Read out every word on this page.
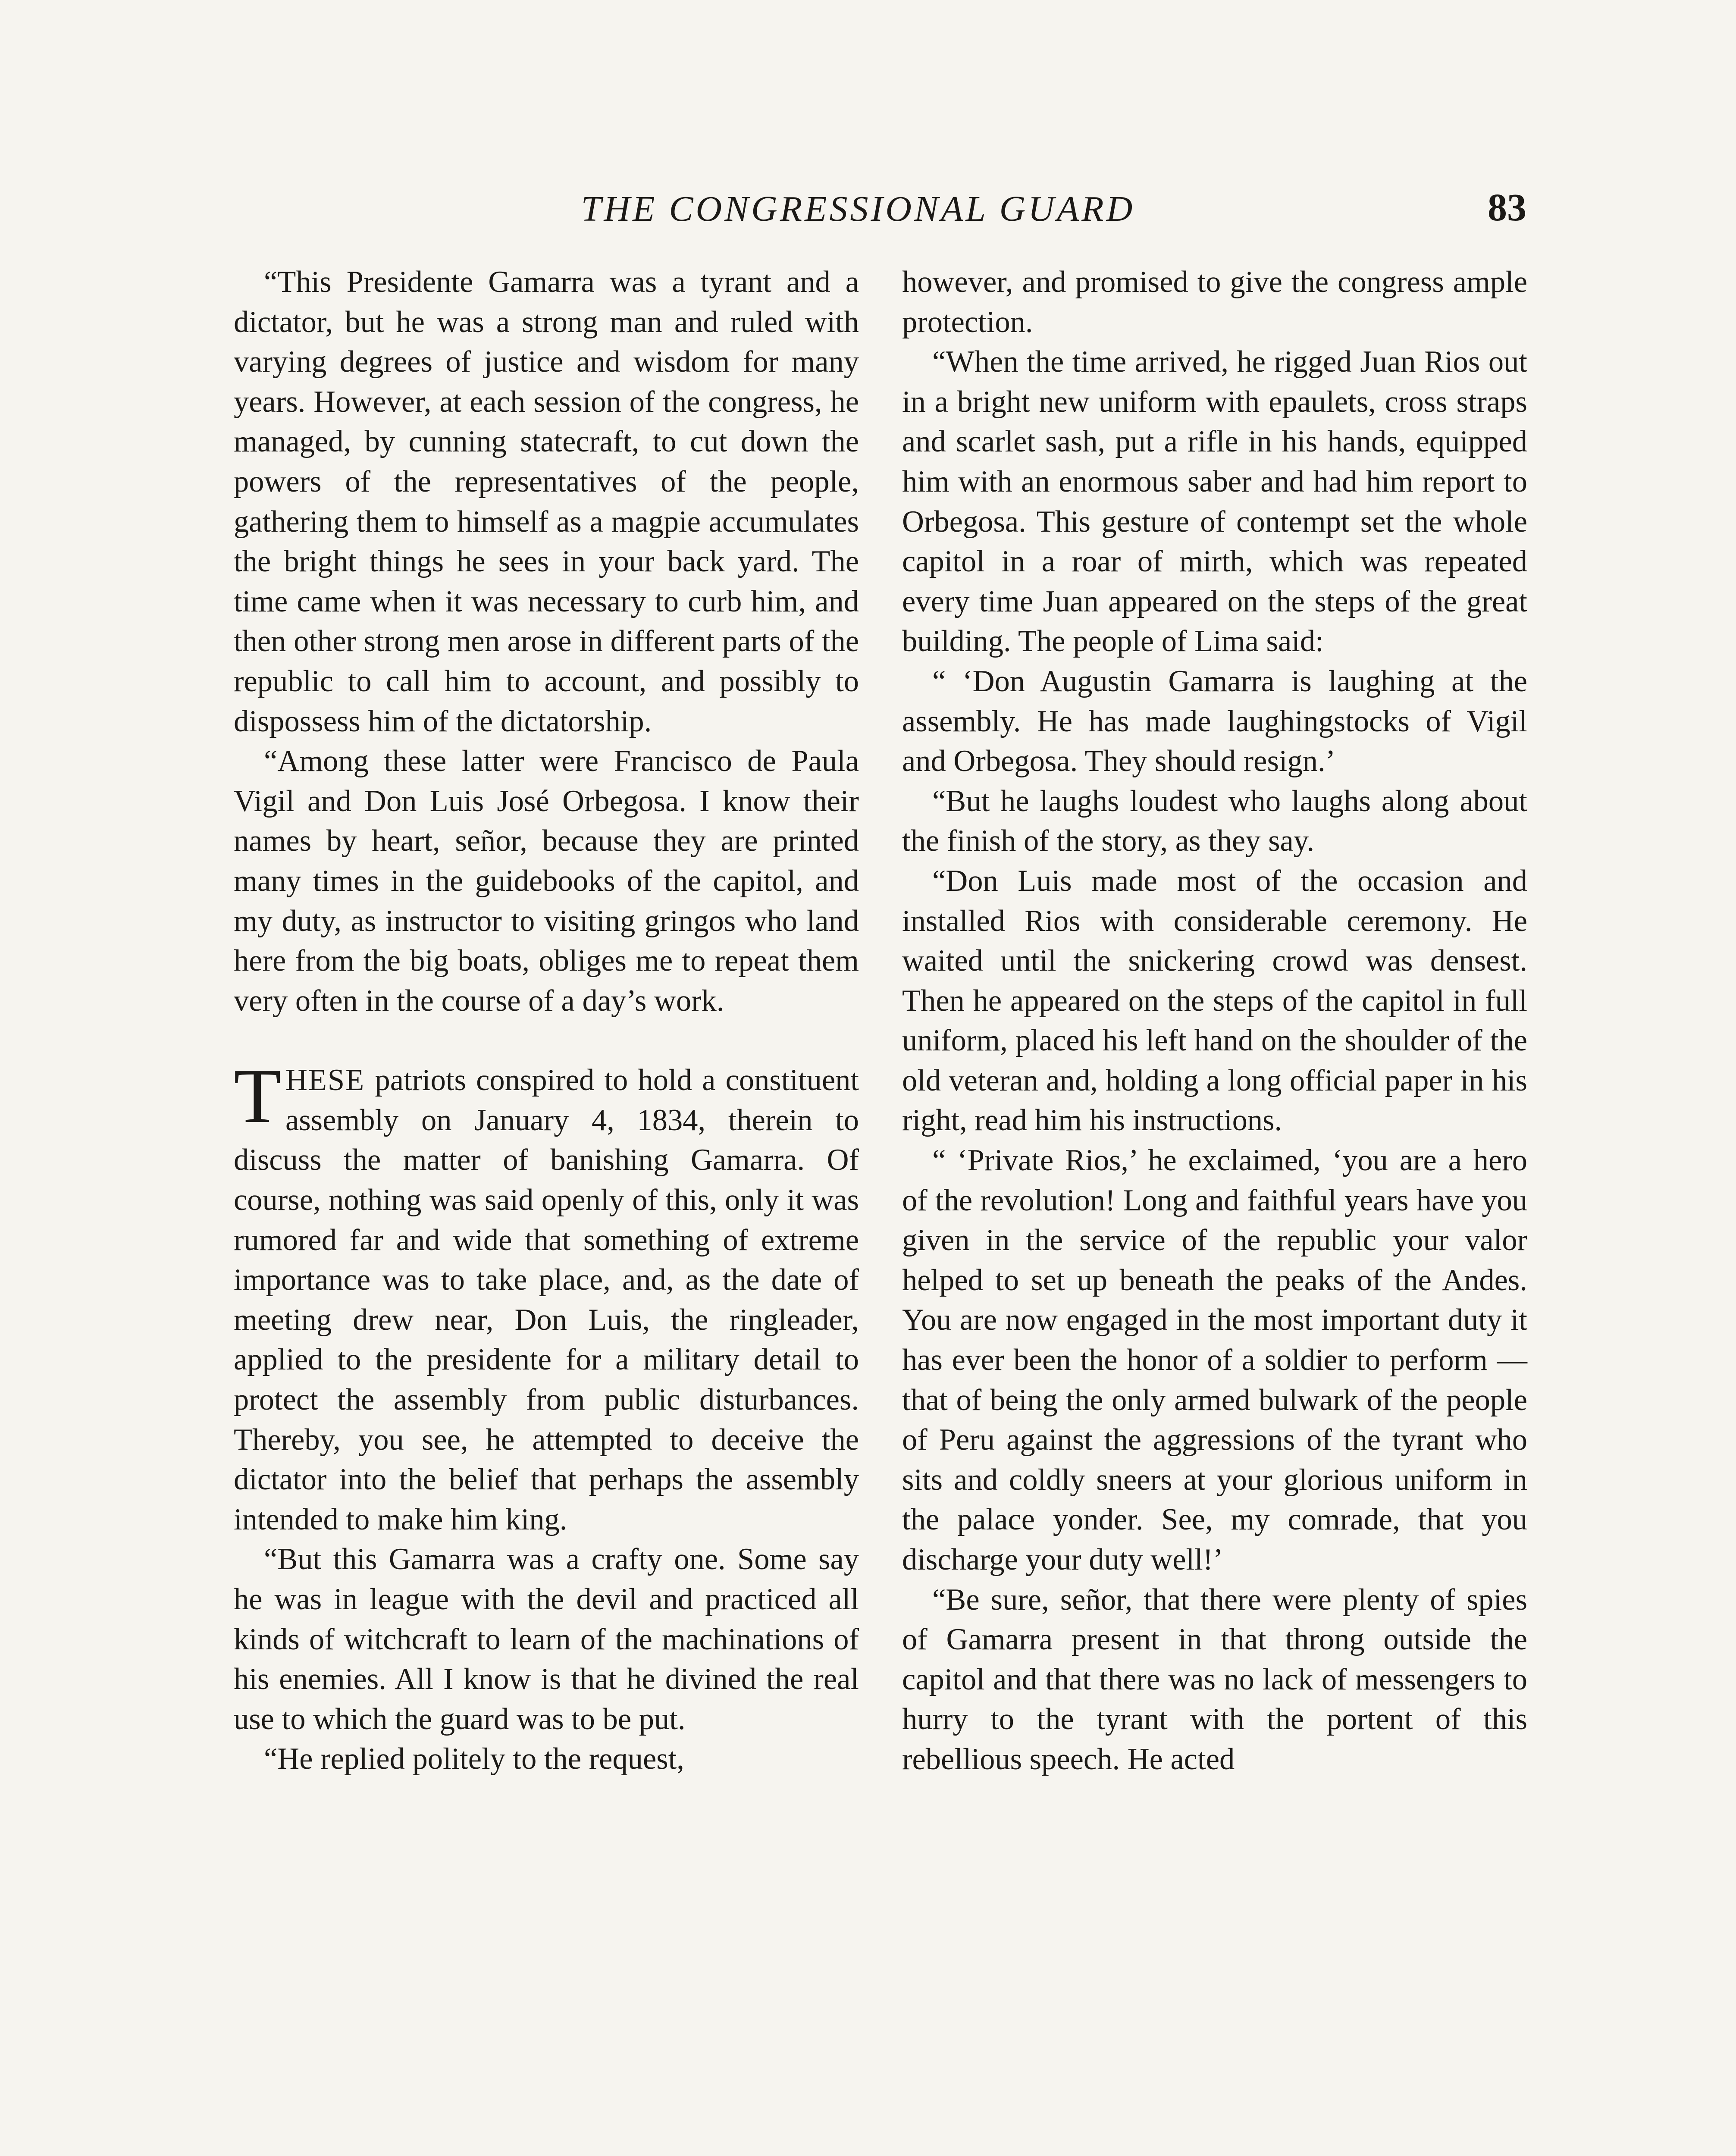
THE CONGRESSIONAL GUARD	83

“This Presidente Gamarra was a tyrant and a dictator, but he was a strong man and ruled with varying degrees of justice and wisdom for many years. However, at each session of the congress, he managed, by cunning statecraft, to cut down the powers of the representatives of the people, gathering them to himself as a magpie accumulates the bright things he sees in your back yard. The time came when it was necessary to curb him, and then other strong men arose in different parts of the republic to call him to account, and possibly to dispossess him of the dictatorship.

“Among these latter were Francisco de Paula Vigil and Don Luis José Orbegosa. I know their names by heart, señor, because they are printed many times in the guidebooks of the capitol, and my duty, as instructor to visiting gringos who land here from the big boats, obliges me to repeat them very often in the course of a day’s work.

THESE patriots conspired to hold a constituent assembly on January 4, 1834, therein to discuss the matter of banishing Gamarra. Of course, nothing was said openly of this, only it was rumored far and wide that something of extreme importance was to take place, and, as the date of meeting drew near, Don Luis, the ringleader, applied to the presidente for a military detail to protect the assembly from public disturbances. Thereby, you see, he attempted to deceive the dictator into the belief that perhaps the assembly intended to make him king.

“But this Gamarra was a crafty one. Some say he was in league with the devil and practiced all kinds of witchcraft to learn of the machinations of his enemies. All I know is that he divined the real use to which the guard was to be put.

“He replied politely to the request,

however, and promised to give the congress ample protection.

“When the time arrived, he rigged Juan Rios out in a bright new uniform with epaulets, cross straps and scarlet sash, put a rifle in his hands, equipped him with an enormous saber and had him report to Orbegosa. This gesture of contempt set the whole capitol in a roar of mirth, which was repeated every time Juan appeared on the steps of the great building. The people of Lima said:

“ ‘Don Augustin Gamarra is laughing at the assembly. He has made laughingstocks of Vigil and Orbegosa. They should resign.’

“But he laughs loudest who laughs along about the finish of the story, as they say.

“Don Luis made most of the occasion and installed Rios with considerable ceremony. He waited until the snickering crowd was densest. Then he appeared on the steps of the capitol in full uniform, placed his left hand on the shoulder of the old veteran and, holding a long official paper in his right, read him his instructions.

“ ‘Private Rios,’ he exclaimed, ‘you are a hero of the revolution! Long and faithful years have you given in the service of the republic your valor helped to set up beneath the peaks of the Andes. You are now engaged in the most important duty it has ever been the honor of a soldier to perform —that of being the only armed bulwark of the people of Peru against the aggressions of the tyrant who sits and coldly sneers at your glorious uniform in the palace yonder. See, my comrade, that you discharge your duty well!’

“Be sure, señor, that there were plenty of spies of Gamarra present in that throng outside the capitol and that there was no lack of messengers to hurry to the tyrant with the portent of this rebellious speech. He acted
